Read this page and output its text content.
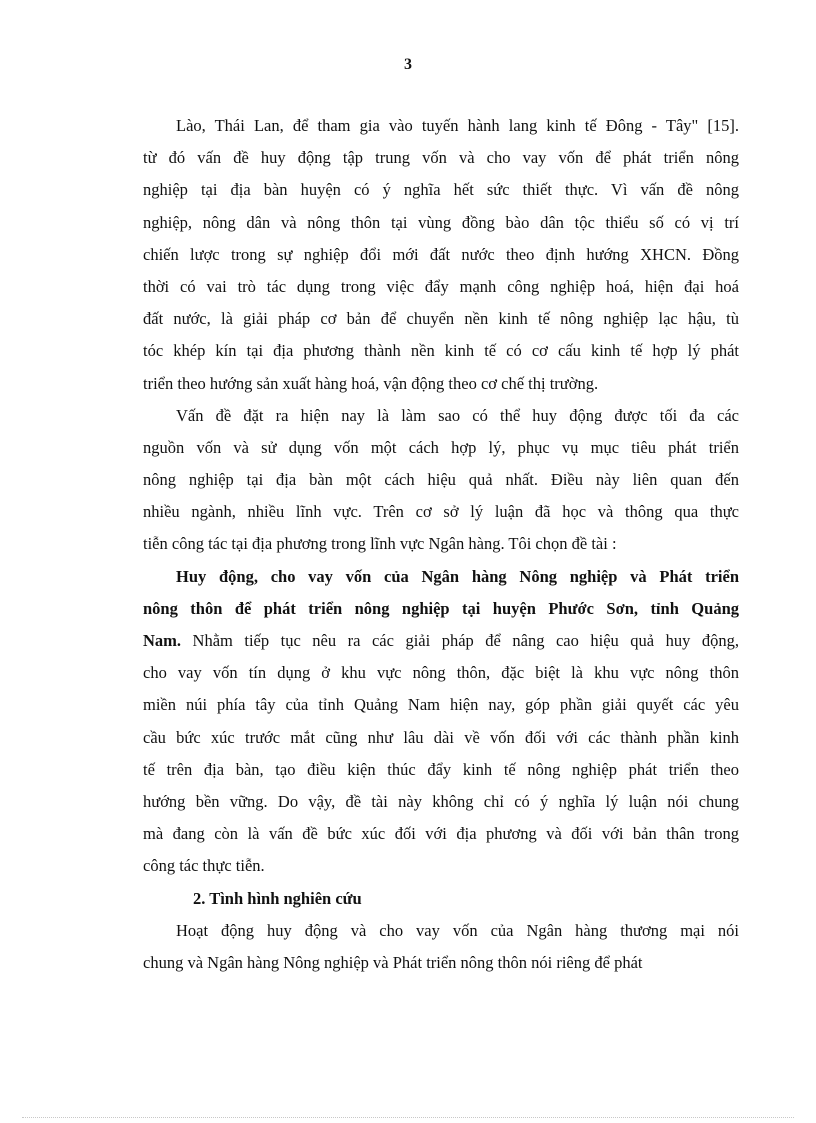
3
Lào, Thái Lan, để tham gia vào tuyến hành lang kinh tế Đông - Tây" [15].
từ đó vấn đề huy động tập trung vốn và cho vay vốn để phát triển nông
nghiệp tại địa bàn huyện có ý nghĩa hết sức thiết thực. Vì vấn đề nông
nghiệp, nông dân và nông thôn tại vùng đồng bào dân tộc thiểu số có vị trí
chiến lược trong sự nghiệp đổi mới đất nước theo định hướng XHCN. Đồng
thời có vai trò tác dụng trong việc đẩy mạnh công nghiệp hoá, hiện đại hoá
đất nước, là giải pháp cơ bản để chuyển nền kinh tế nông nghiệp lạc hậu, tù
tóc khép kín tại địa phương thành nền kinh tế có cơ cấu kinh tế hợp lý phát
triển theo hướng sản xuất hàng hoá, vận động theo cơ chế thị trường.
Vấn đề đặt ra hiện nay là làm sao có thể huy động được tối đa các
nguồn vốn và sử dụng vốn một cách hợp lý, phục vụ mục tiêu phát triển
nông nghiệp tại địa bàn một cách hiệu quả nhất. Điều này liên quan đến
nhiều ngành, nhiều lĩnh vực. Trên cơ sở lý luận đã học và thông qua thực
tiễn công tác tại địa phương trong lĩnh vực Ngân hàng. Tôi chọn đề tài :
Huy động, cho vay vốn của Ngân hàng Nông nghiệp và Phát triển
nông thôn để phát triển nông nghiệp tại huyện Phước Sơn, tỉnh Quảng
Nam. Nhằm tiếp tục nêu ra các giải pháp để nâng cao hiệu quả huy động,
cho vay vốn tín dụng ở khu vực nông thôn, đặc biệt là khu vực nông thôn
miền núi phía tây của tỉnh Quảng Nam hiện nay, góp phần giải quyết các yêu
cầu bức xúc trước mắt cũng như lâu dài về vốn đối với các thành phần kinh
tế trên địa bàn, tạo điều kiện thúc đẩy kinh tế nông nghiệp phát triển theo
hướng bền vững. Do vậy, đề tài này không chỉ có ý nghĩa lý luận nói chung
mà đang còn là vấn đề bức xúc đối với địa phương và đối với bản thân trong
công tác thực tiễn.
2. Tình hình nghiên cứu
Hoạt động huy động và cho vay vốn của Ngân hàng thương mại nói
chung và Ngân hàng Nông nghiệp và Phát triển nông thôn nói riêng để phát
